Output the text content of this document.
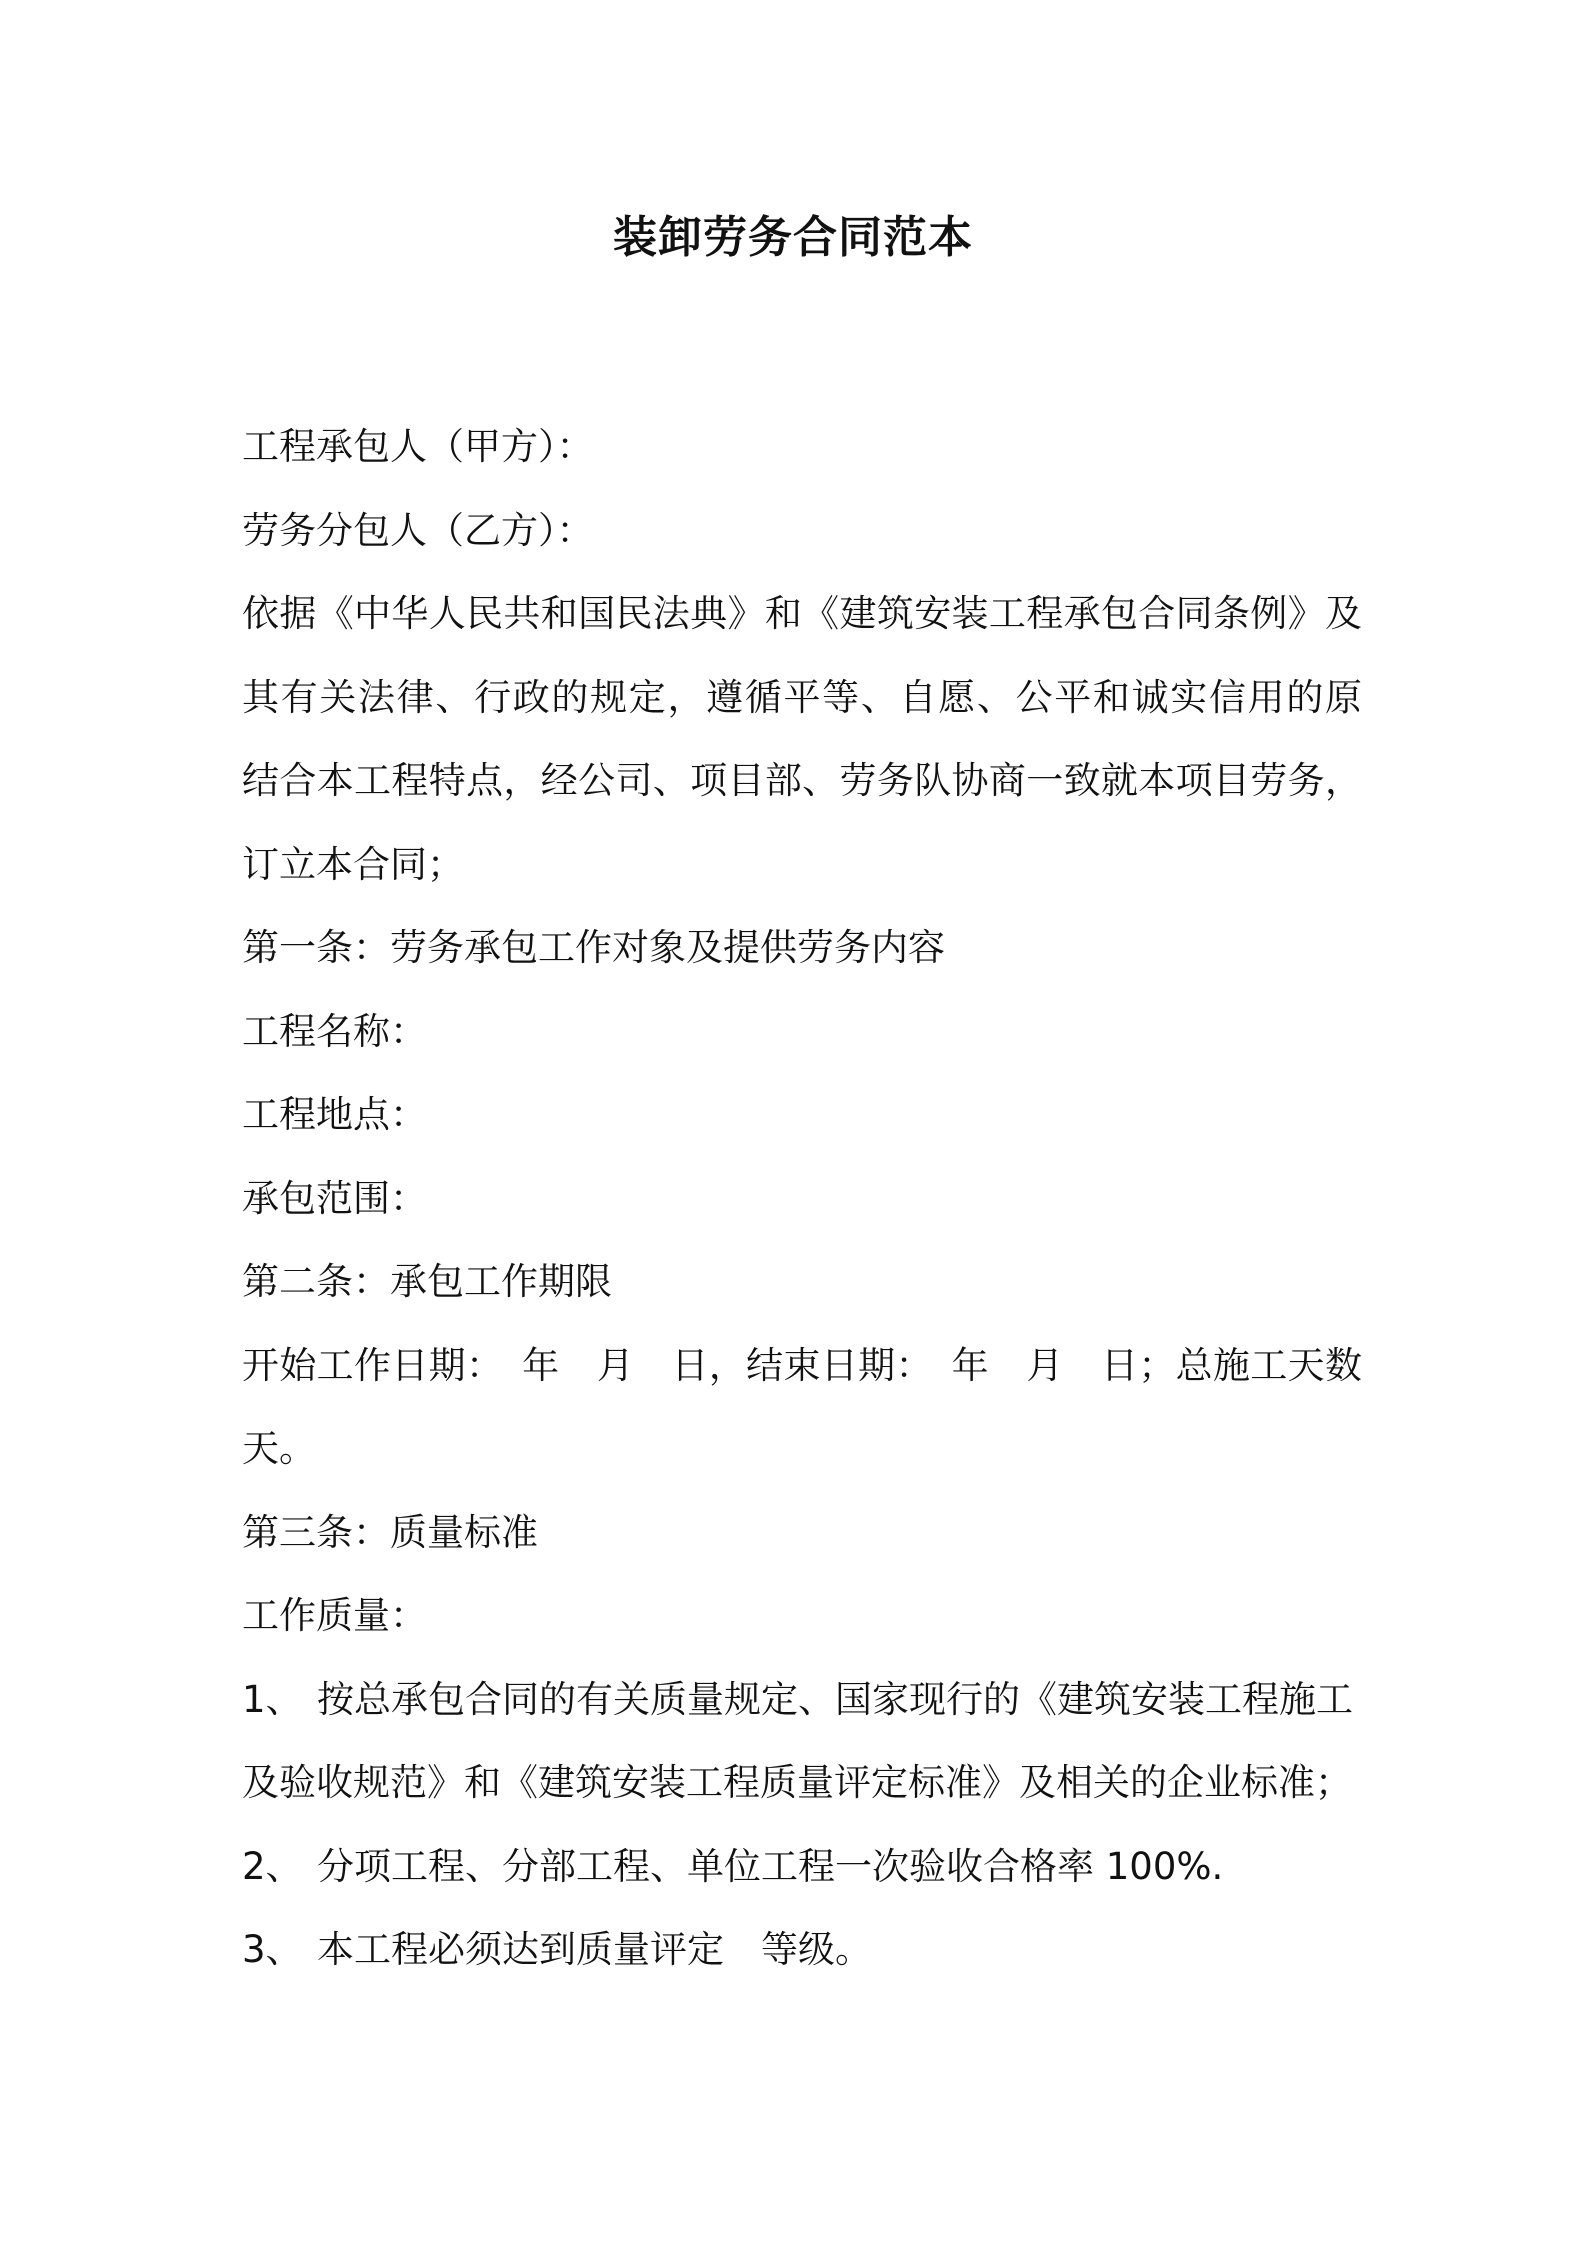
装卸劳务合同范本
工程承包人（甲方）：
劳务分包人（乙方）：
依据《中华人民共和国民法典》和《建筑安装工程承包合同条例》及
其有关法律、行政的规定，遵循平等、自愿、公平和诚实信用的原
结合本工程特点，经公司、项目部、劳务队协商一致就本项目劳务，
订立本合同；
第一条：劳务承包工作对象及提供劳务内容
工程名称：
工程地点：
承包范围：
第二条：承包工作期限
开始工作日期：　年　月　日，结束日期：　年　月　日；总施工天数
天。
第三条：质量标准
工作质量：
1、 按总承包合同的有关质量规定、国家现行的《建筑安装工程施工
及验收规范》和《建筑安装工程质量评定标准》及相关的企业标准；
2、 分项工程、分部工程、单位工程一次验收合格率 100%.
3、 本工程必须达到质量评定　等级。
